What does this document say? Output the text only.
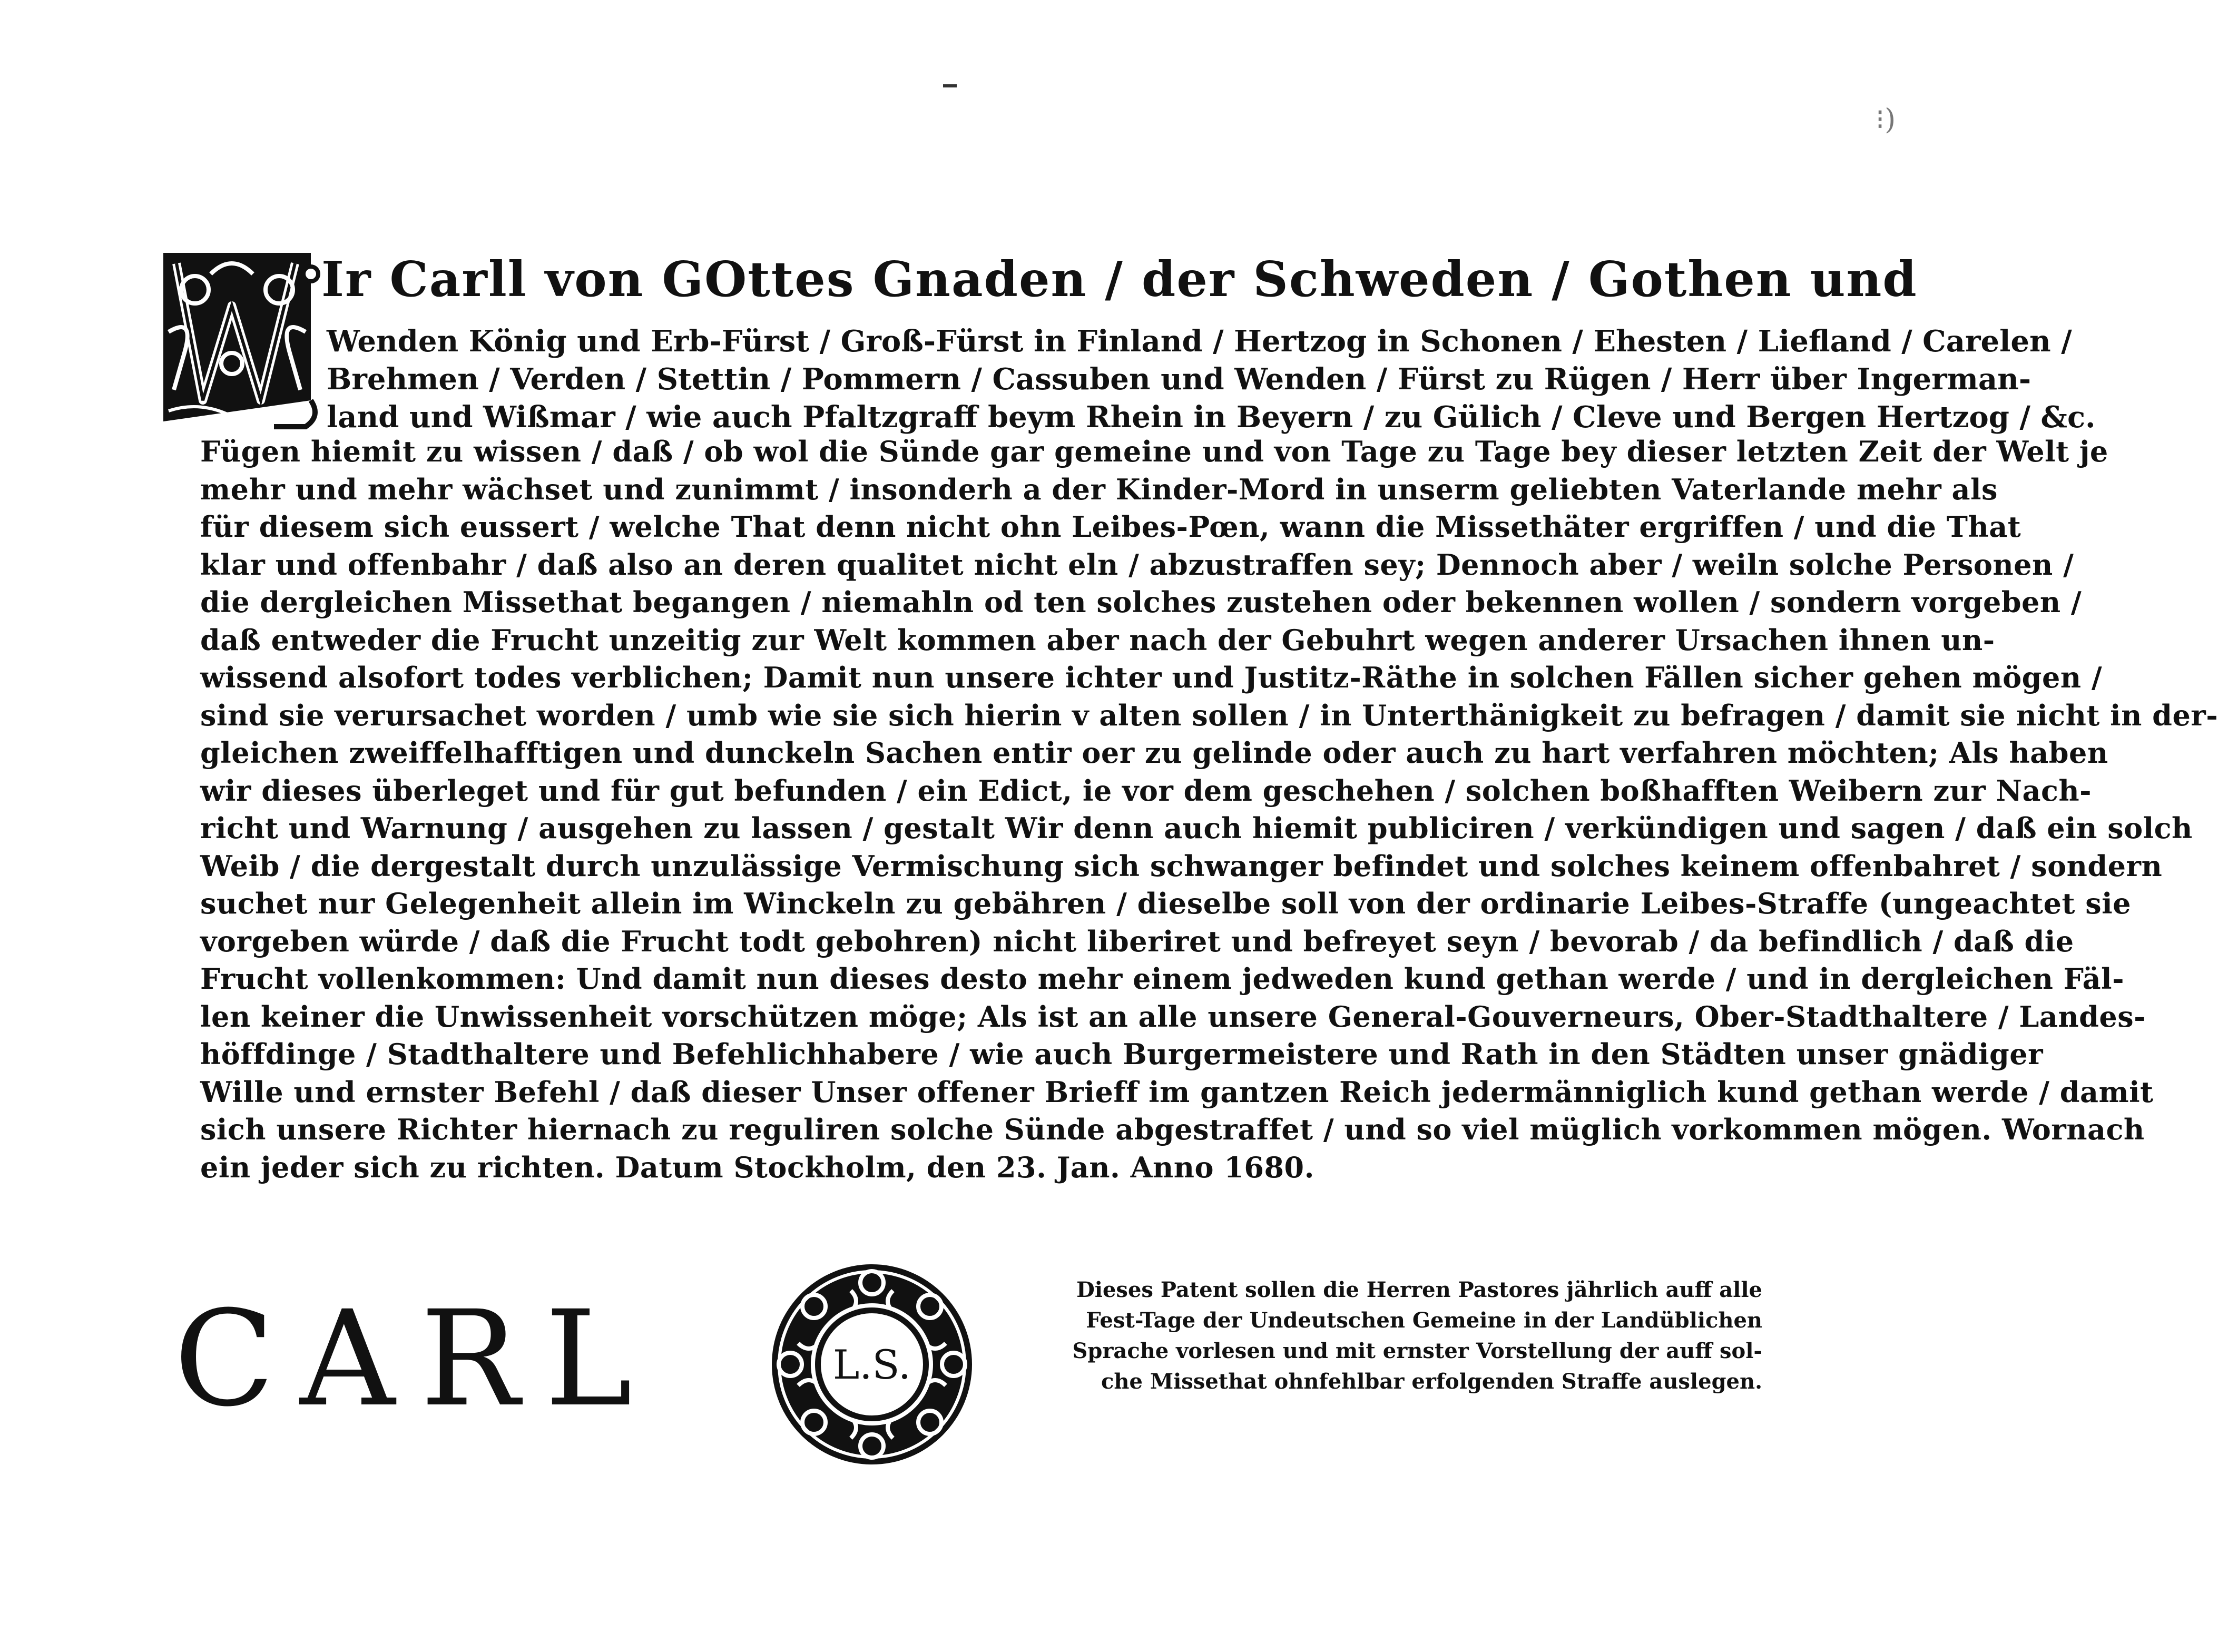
⁝)
Ir Carll von GOttes Gnaden / der Schweden / Gothen und

Wenden König und Erb-Fürst / Groß-Fürst in Finland / Hertzog in Schonen / Ehesten / Liefland / Carelen /

Brehmen / Verden / Stettin / Pommern / Cassuben und Wenden / Fürst zu Rügen / Herr über Ingerman-

land und Wißmar / wie auch Pfaltzgraff beym Rhein in Beyern / zu Gülich / Cleve und Bergen Hertzog / &c.

Fügen hiemit zu wissen / daß / ob wol die Sünde gar gemeine und von Tage zu Tage bey dieser letzten Zeit der Welt je
mehr und mehr wächset und zunimmt / insonderh a der Kinder-Mord in unserm geliebten Vaterlande mehr als
für diesem sich eussert / welche That denn nicht ohn Leibes-Pœn, wann die Missethäter ergriffen / und die That
klar und offenbahr / daß also an deren qualitet nicht eln / abzustraffen sey; Dennoch aber / weiln solche Personen /
die dergleichen Missethat begangen / niemahln od ten solches zustehen oder bekennen wollen / sondern vorgeben /
daß entweder die Frucht unzeitig zur Welt kommen aber nach der Gebuhrt wegen anderer Ursachen ihnen un-
wissend alsofort todes verblichen; Damit nun unsere ichter und Justitz-Räthe in solchen Fällen sicher gehen mögen /
sind sie verursachet worden / umb wie sie sich hierin v alten sollen / in Unterthänigkeit zu befragen / damit sie nicht in der-
gleichen zweiffelhafftigen und dunckeln Sachen entir oer zu gelinde oder auch zu hart verfahren möchten; Als haben
wir dieses überleget und für gut befunden / ein Edict, ie vor dem geschehen / solchen boßhafften Weibern zur Nach-
richt und Warnung / ausgehen zu lassen / gestalt Wir denn auch hiemit publiciren / verkündigen und sagen / daß ein solch
Weib / die dergestalt durch unzulässige Vermischung sich schwanger befindet und solches keinem offenbahret / sondern
suchet nur Gelegenheit allein im Winckeln zu gebähren / dieselbe soll von der ordinarie Leibes-Straffe (ungeachtet sie
vorgeben würde / daß die Frucht todt gebohren) nicht liberiret und befreyet seyn / bevorab / da befindlich / daß die
Frucht vollenkommen: Und damit nun dieses desto mehr einem jedweden kund gethan werde / und in dergleichen Fäl-
len keiner die Unwissenheit vorschützen möge; Als ist an alle unsere General-Gouverneurs, Ober-Stadthaltere / Landes-
höffdinge / Stadthaltere und Befehlichhabere / wie auch Burgermeistere und Rath in den Städten unser gnädiger
Wille und ernster Befehl / daß dieser Unser offener Brieff im gantzen Reich jedermänniglich kund gethan werde / damit
sich unsere Richter hiernach zu reguliren solche Sünde abgestraffet / und so viel müglich vorkommen mögen. Wornach
ein jeder sich zu richten. Datum Stockholm, den 23. Jan. Anno 1680.

CARL	L.S.
Dieses Patent sollen die Herren Pastores jährlich auff alle
Fest-Tage der Undeutschen Gemeine in der Landüblichen
Sprache vorlesen und mit ernster Vorstellung der auff sol-
che Missethat ohnfehlbar erfolgenden Straffe auslegen.
